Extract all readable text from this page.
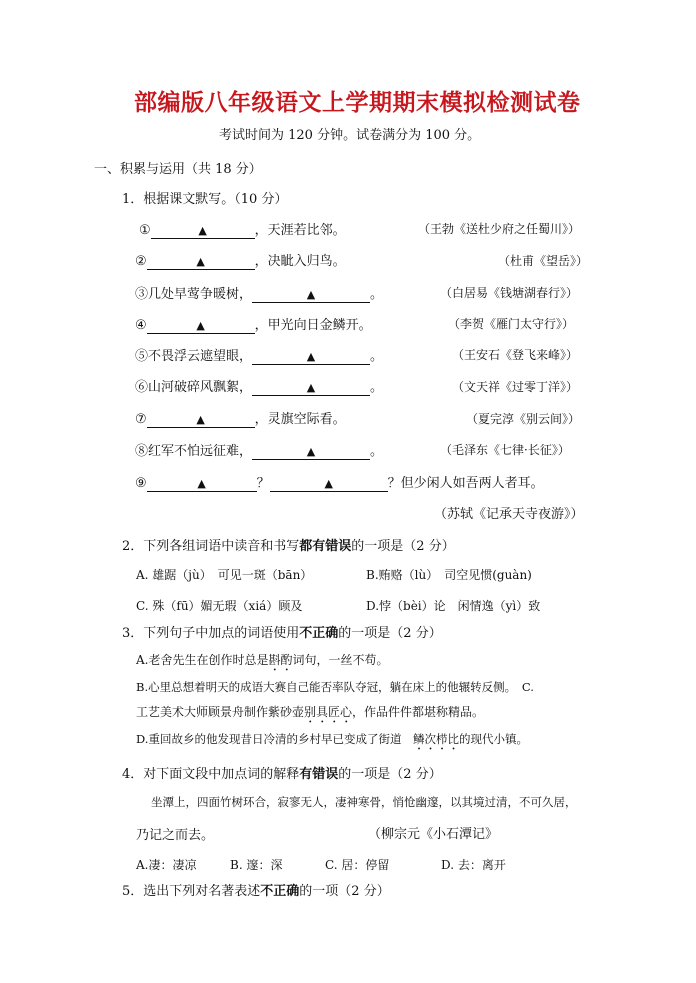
部编版八年级语文上学期期末模拟检测试卷
考试时间为 120 分钟。试卷满分为 100 分。
一、积累与运用（共 18 分）
1．根据课文默写。（10 分）
①	▲	，天涯若比邻。	（王勃《送杜少府之任蜀川》）
②	▲	，决眦入归鸟。	（杜甫《望岳》）
③几处早莺争暖树，	▲	。	（白居易《钱塘湖春行》）
④	▲	，甲光向日金鳞开。	（李贺《雁门太守行》）
⑤不畏浮云遮望眼，	▲	。	（王安石《登飞来峰》）
⑥山河破碎风飘絮，	▲	。	（文天祥《过零丁洋》）
⑦	▲	，灵旗空际看。	（夏完淳《别云间》）
⑧红军不怕远征难，	▲	。	（毛泽东《七律·长征》）
⑨	▲	？	▲	？但少闲人如吾两人者耳。
（苏轼《记承天寺夜游》）
2．下列各组词语中读音和书写都有错误的一项是（2 分）
A. 雄踞（jù）　可见一斑（bān）	B.贿赂（lù）　司空见惯(guàn)
C. 殊（fū）媚无瑕（xiá）顾及	D.悖（bèi）论　闲情逸（yì）致
3．下列句子中加点的词语使用不正确的一项是（2 分）
A.老舍先生在创作时总是斟酌词句，一丝不苟。
B.心里总想着明天的成语大赛自己能否率队夺冠，躺在床上的他辗转反侧。　C.
工艺美术大师顾景舟制作紫砂壶别具匠心，作品件件都堪称精品。
D.重回故乡的他发现昔日冷清的乡村早已变成了街道　鳞次栉比的现代小镇。
4．对下面文段中加点词的解释有错误的一项是（2 分）
坐潭上，四面竹树环合，寂寥无人，凄神寒骨，悄怆幽邃，以其境过清，不可久居，
乃记之而去。	（柳宗元《小石潭记》
A.凄：凄凉	B. 邃：深	C. 居：停留	D. 去：离开
5．选出下列对名著表述不正确的一项（2 分）
